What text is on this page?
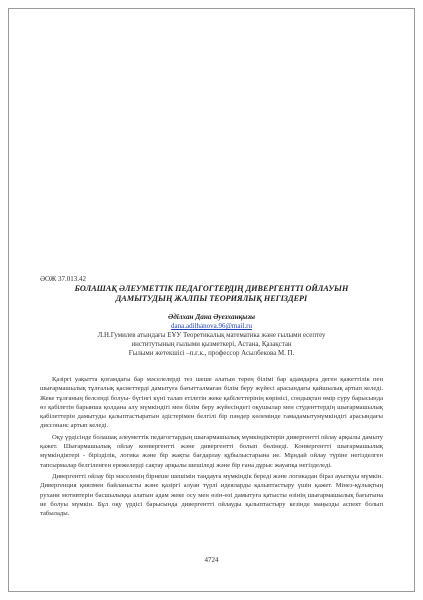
ӘОЖ 37.013.42
БОЛАШАҚ ӘЛЕУМЕТТІК ПЕДАГОГТЕРДІҢ ДИВЕРГЕНТТІ ОЙЛАУЫН
ДАМЫТУДЫҢ ЖАЛПЫ ТЕОРИЯЛЫҚ НЕГІЗДЕРІ
Әділхан Дана Әуезханқызы
dana.adilhanova.96@mail.ru
Л.Н.Гумилев атындағы ЕҰУ Теоретикалық математика және ғылыми есептеу
институтының ғылыми қызметкері, Астана, Қазақстан
Ғылыми жетекшісі –п.ғ.к., профессор Асылбекова М. П.

Қазіргі уақытта қоғамдағы бар мәселелерді тез шеше алатын терең білімі бар адамдарға деген қажеттілік пен шығармашылық тұлғалық қасиеттерді дамытуға бағытталмаған білім беру жүйесі арасындағы қайшылық артып келеді. Жеке тұлғаның белсенді болуы- бүгінгі күні талап етілетін жеке қабілеттерінің көрінісі, сондықтан өмір сүру барысында өз қабілетін барынша қолдана алу мүмкіндігі мен білім беру жүйесіндегі оқушылар мен студенттердің шығармашылық қабілеттерін дамытуды қалыптастыратын әдістерімен белгілі бір пәндер көлемінде гамадамытумүмкіндігі арасындағы диссонанс артып келеді.

Оқу үрдісінде болашақ әлеуметтік педагогтардың шығармашылық мүмкіндіктерін дивергентті ойлау арқылы дамыту қажет. Шығармашылық ойлау конвергентті және дивергентті болып бөлінеді. Конвергентті шығармашылық мүмкіндіктері - біріздiлiк, логика және бір жақты бағдарлау құбылыстарына ие. Мұндай ойлау түріне негізделген тапсырмалар белгіленген ережелерді сақтау арқылы шешіледі және бір ғана дұрыс жауапқа негізделеді.

Дивергентті ойлау бір мәселенің бірнеше шешімін таңдауға мүмкіндік береді және логикадан біраз ауытқуы мүмкін. Дивергенция қиялмен байланысты және қазіргі алуан түрлі идеяларды қалыптастыру үшін қажет. Мінез-құлықтың рухани мотивтерін басшылыққа алатын адам жеке осу мен өзін-өзі дамытуға қатысты өзінің шығармашылық бағытына ие болуы мүмкін. Бұл оқу үрдісі барысында дивергентті ойлауды қалыптастыру кезінде маңызды аспект болып табылады.

4724
